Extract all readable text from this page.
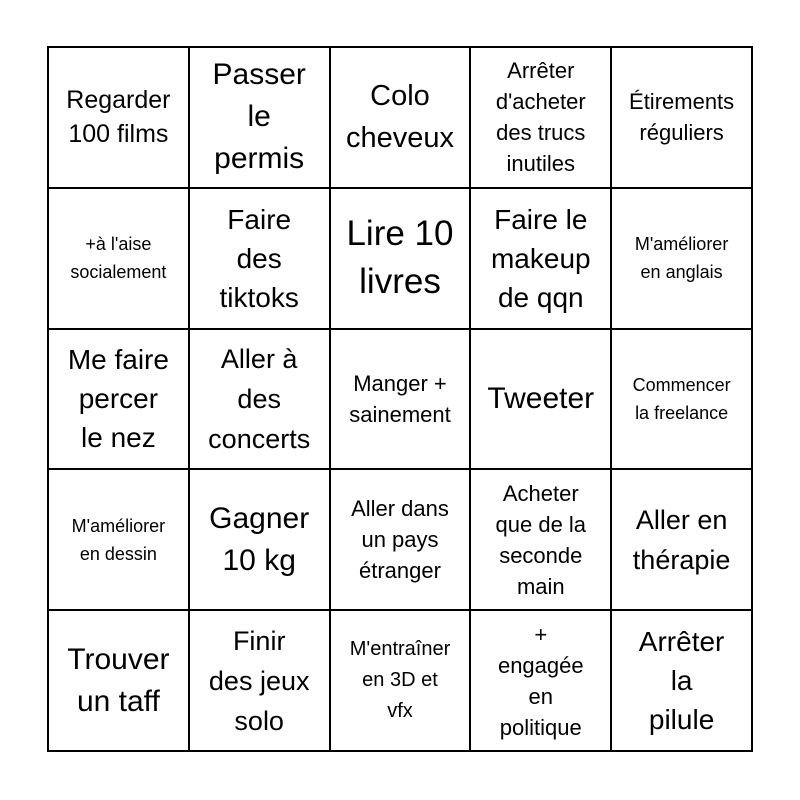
Regarder
100 films
Passer
le
permis
Colo
cheveux
Arrêter
d'acheter
des trucs
inutiles
Étirements
réguliers
+à l'aise
socialement
Faire
des
tiktoks
Lire 10
livres
Faire le
makeup
de qqn
M'améliorer
en anglais
Me faire
percer
le nez
Aller à
des
concerts
Manger +
sainement Tweeter Commencer
la freelance
M'améliorer
en dessin
Gagner
10 kg
Aller dans
un pays
étranger
Acheter
que de la
seconde
main
Aller en
thérapie
Trouver
un taff
Finir
des jeux
solo
M'entraîner
en 3D et
vfx
+
engagée
en
politique
Arrêter
la
pilule
